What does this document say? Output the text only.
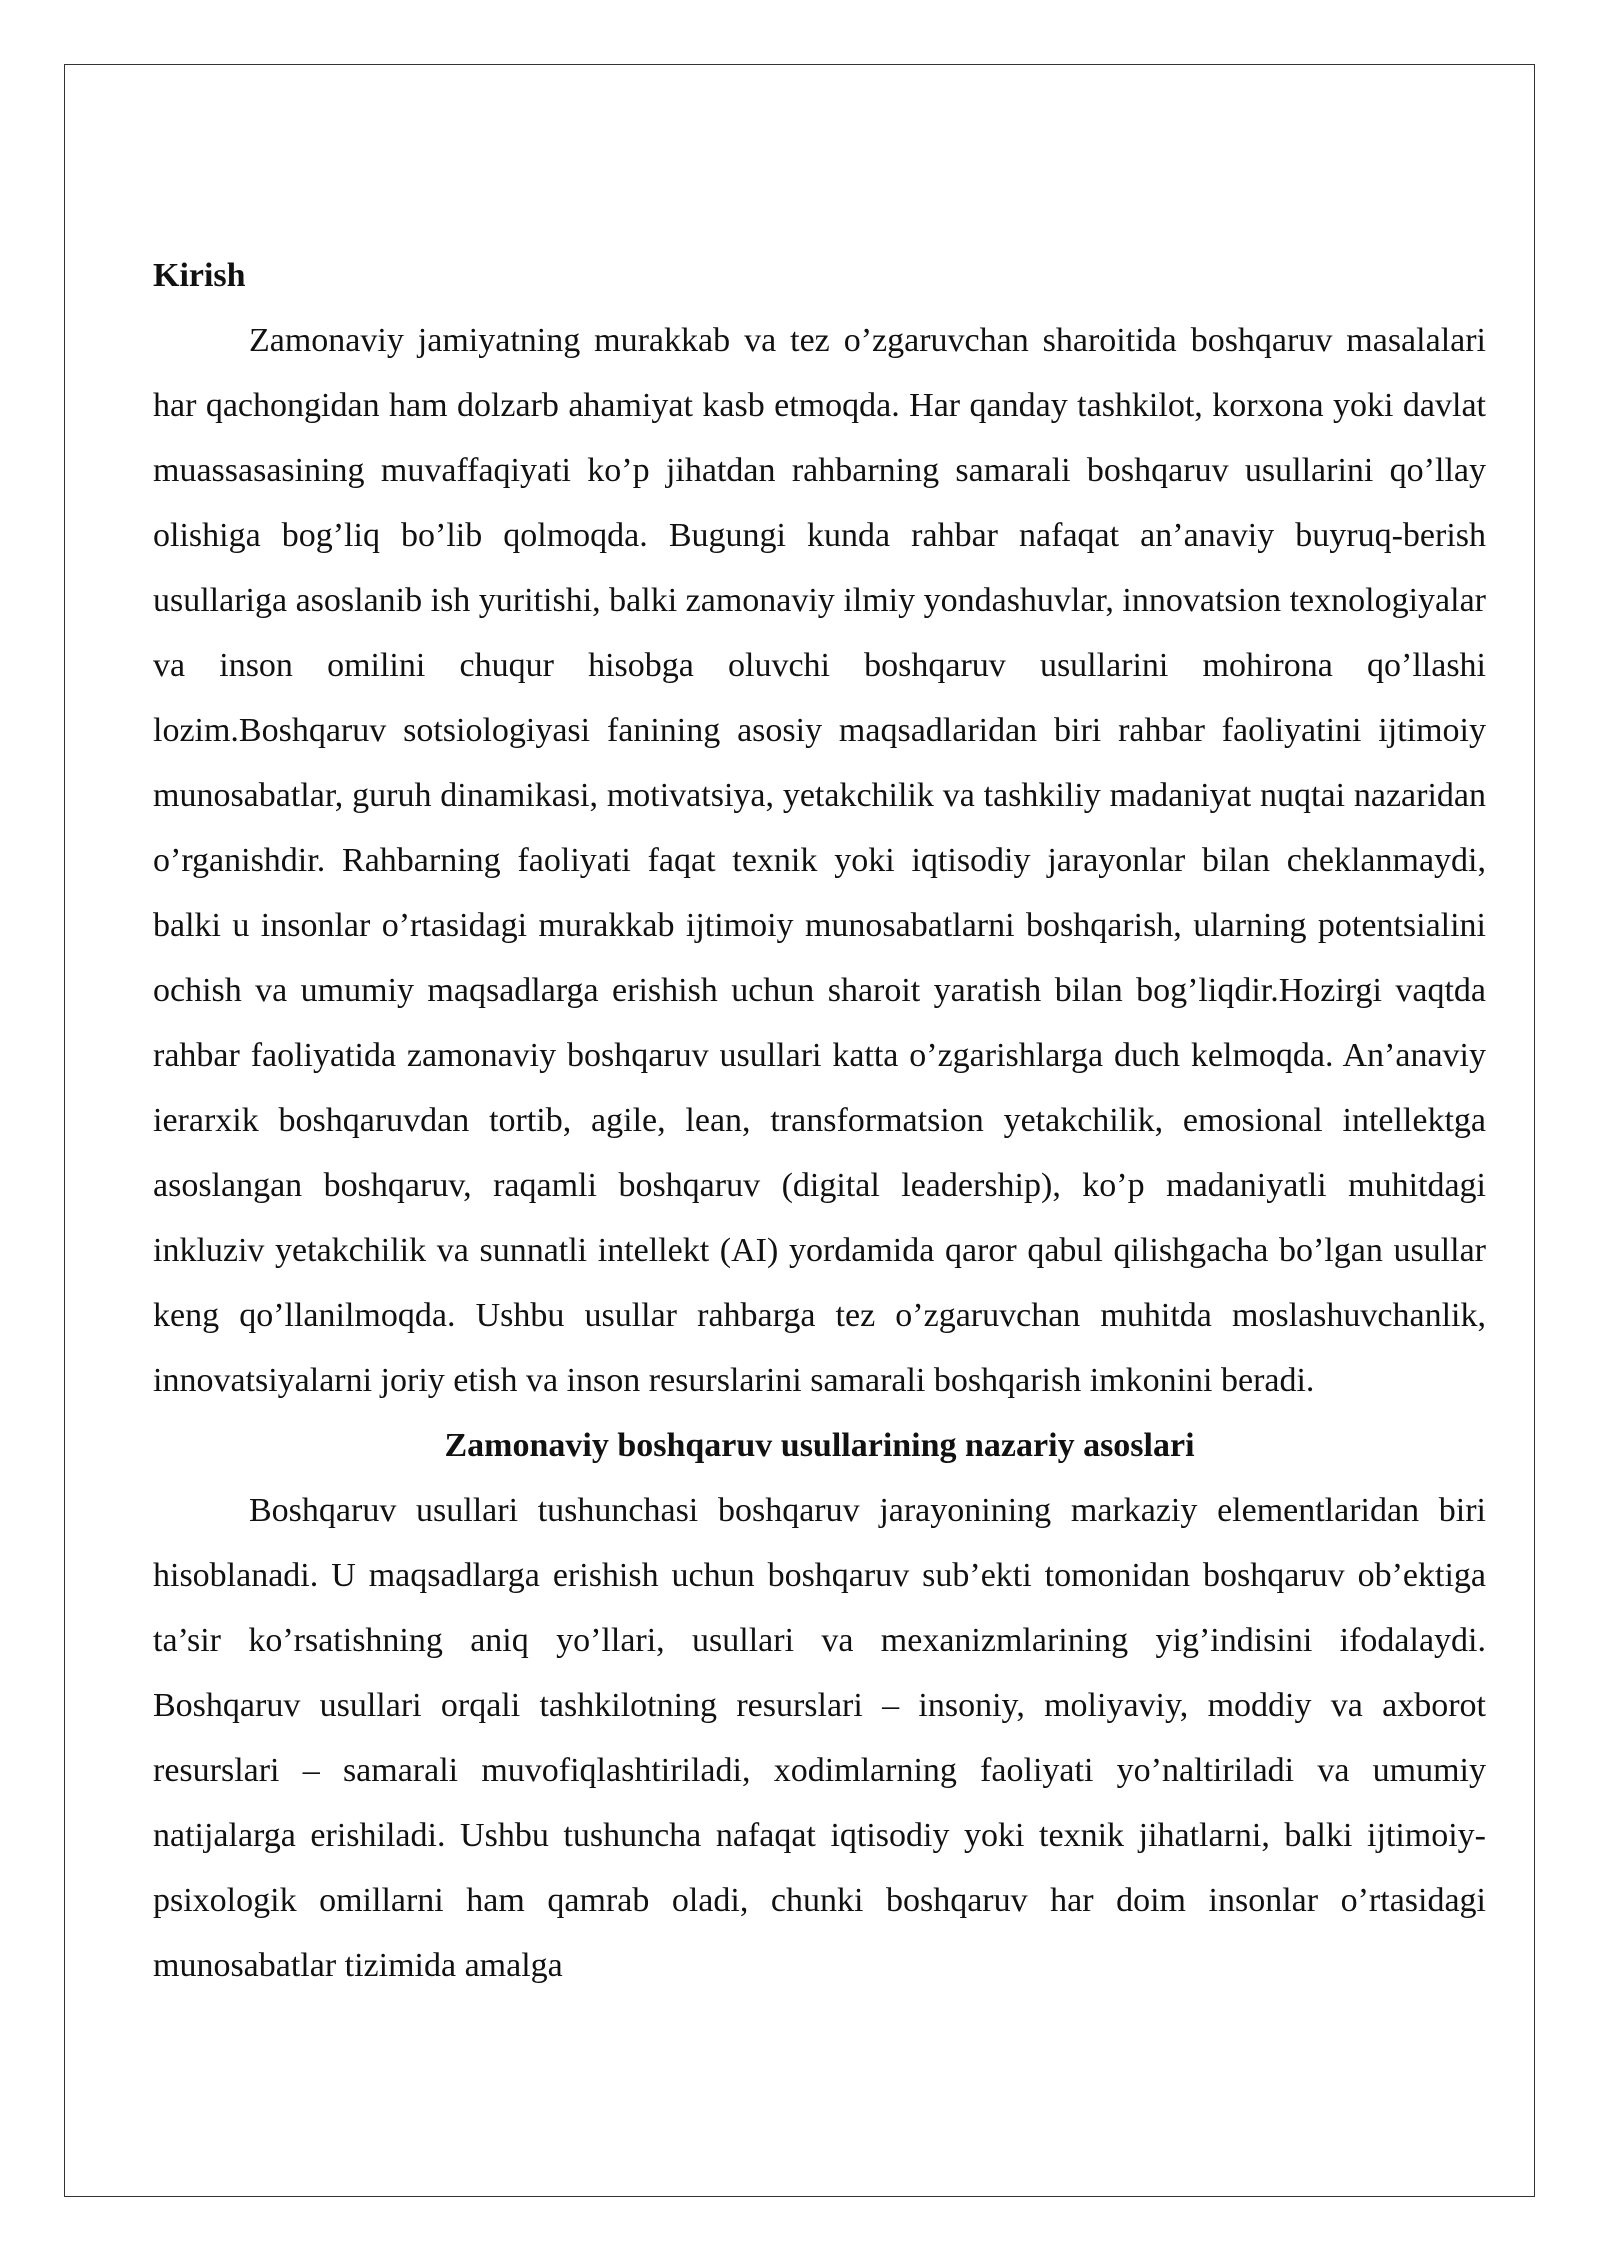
Kirish

Zamonaviy jamiyatning murakkab va tez o’zgaruvchan sharoitida boshqaruv masalalari har qachongidan ham dolzarb ahamiyat kasb etmoqda. Har qanday tashkilot, korxona yoki davlat muassasasining muvaffaqiyati ko’p jihatdan rahbarning samarali boshqaruv usullarini qo’llay olishiga bog’liq bo’lib qolmoqda. Bugungi kunda rahbar nafaqat an’anaviy buyruq-berish usullariga asoslanib ish yuritishi, balki zamonaviy ilmiy yondashuvlar, innovatsion texnologiyalar va inson omilini chuqur hisobga oluvchi boshqaruv usullarini mohirona qo’llashi lozim.Boshqaruv sotsiologiyasi fanining asosiy maqsadlaridan biri rahbar faoliyatini ijtimoiy munosabatlar, guruh dinamikasi, motivatsiya, yetakchilik va tashkiliy madaniyat nuqtai nazaridan o’rganishdir. Rahbarning faoliyati faqat texnik yoki iqtisodiy jarayonlar bilan cheklanmaydi, balki u insonlar o’rtasidagi murakkab ijtimoiy munosabatlarni boshqarish, ularning potentsialini ochish va umumiy maqsadlarga erishish uchun sharoit yaratish bilan bog’liqdir.Hozirgi vaqtda rahbar faoliyatida zamonaviy boshqaruv usullari katta o’zgarishlarga duch kelmoqda. An’anaviy ierarxik boshqaruvdan tortib, agile, lean, transformatsion yetakchilik, emosional intellektga asoslangan boshqaruv, raqamli boshqaruv (digital leadership), ko’p madaniyatli muhitdagi inkluziv yetakchilik va sunnatli intellekt (AI) yordamida qaror qabul qilishgacha bo’lgan usullar keng qo’llanilmoqda. Ushbu usullar rahbarga tez o’zgaruvchan muhitda moslashuvchanlik, innovatsiyalarni joriy etish va inson resurslarini samarali boshqarish imkonini beradi.

Zamonaviy boshqaruv usullarining nazariy asoslari

Boshqaruv usullari tushunchasi boshqaruv jarayonining markaziy elementlaridan biri hisoblanadi. U maqsadlarga erishish uchun boshqaruv sub’ekti tomonidan boshqaruv ob’ektiga ta’sir ko’rsatishning aniq yo’llari, usullari va mexanizmlarining yig’indisini ifodalaydi. Boshqaruv usullari orqali tashkilotning resurslari – insoniy, moliyaviy, moddiy va axborot resurslari – samarali muvofiqlashtiriladi, xodimlarning faoliyati yo’naltiriladi va umumiy natijalarga erishiladi. Ushbu tushuncha nafaqat iqtisodiy yoki texnik jihatlarni, balki ijtimoiy-psixologik omillarni ham qamrab oladi, chunki boshqaruv har doim insonlar o’rtasidagi munosabatlar tizimida amalga
